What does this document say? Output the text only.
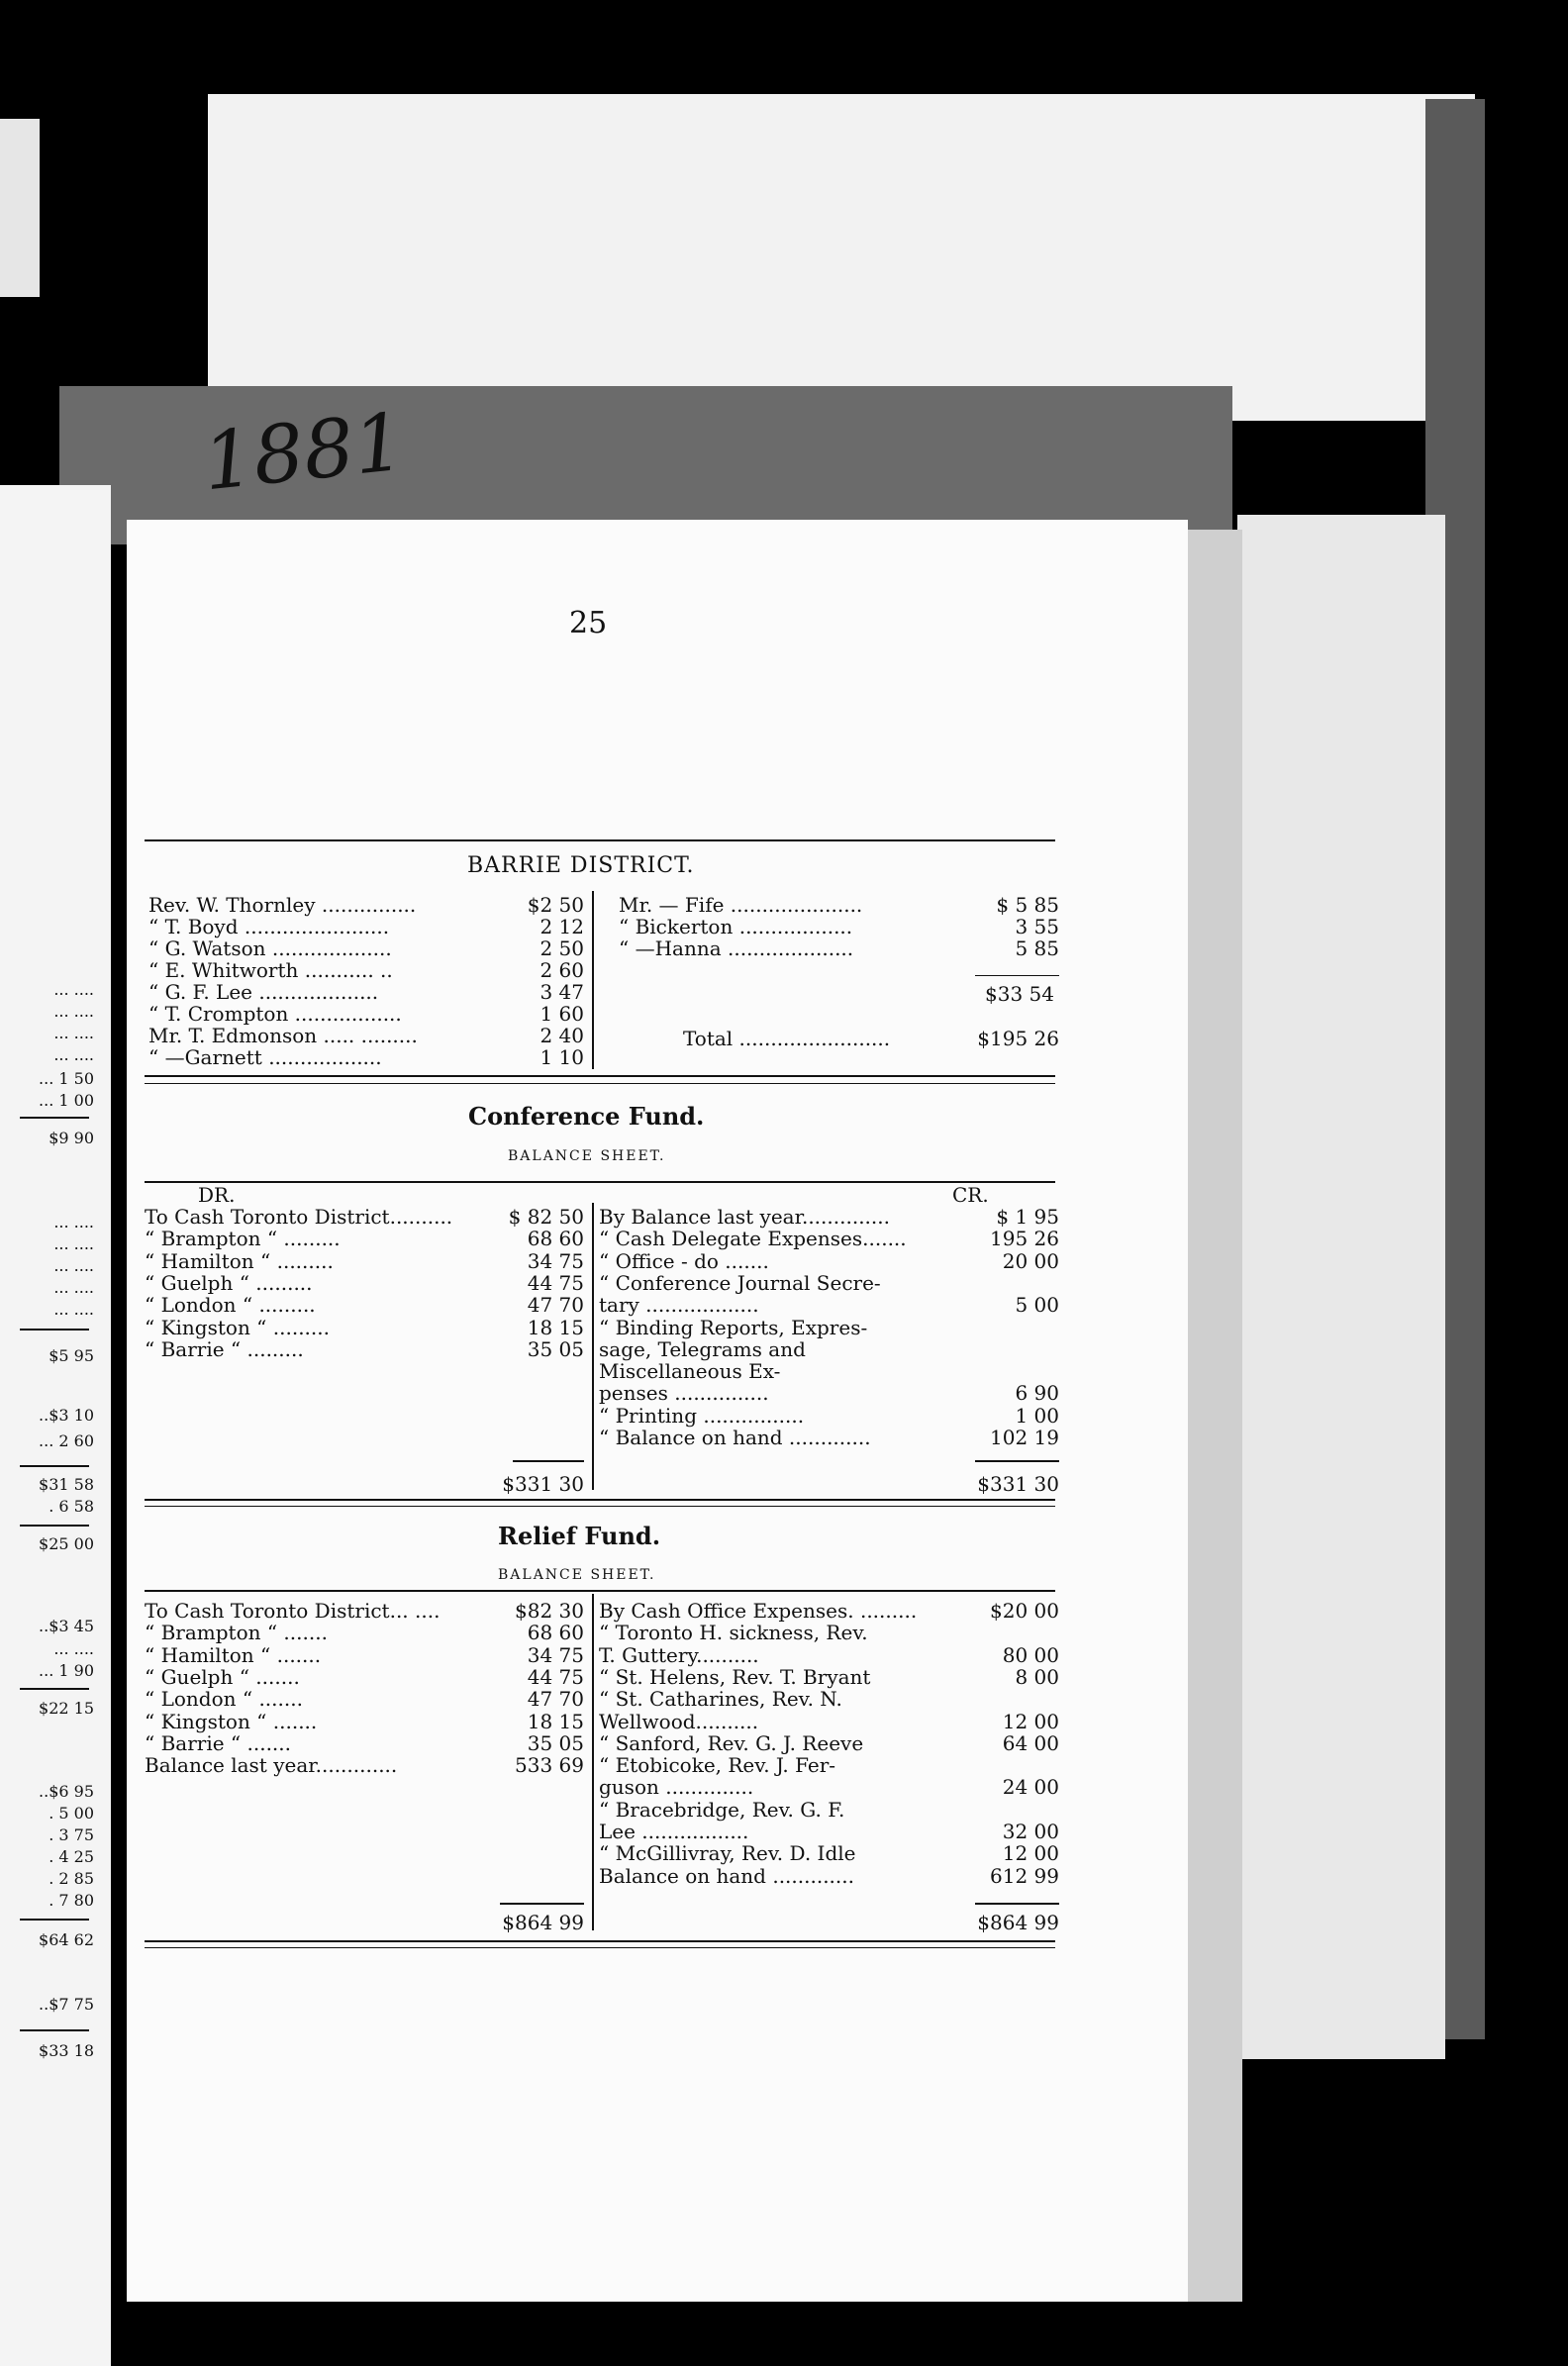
1881
25
BARRIE DISTRICT.
Rev. W. Thornley ...............	$2 50
“ T. Boyd .......................	2 12
“ G. Watson ...................	2 50
“ E. Whitworth ........... ..	2 60
“ G. F. Lee ...................	3 47
“ T. Crompton .................	1 60
Mr. T. Edmonson ..... .........	2 40
“ —Garnett ..................	1 10
Mr. — Fife .....................	$ 5 85
“ Bickerton ..................	3 55
“ —Hanna ....................	5 85
$33 54
Total ........................	$195 26
Conference Fund.
BALANCE SHEET.
DR.	CR.
To Cash Toronto District..........	$ 82 50
“ Brampton “ .........	68 60
“ Hamilton “ .........	34 75
“ Guelph “ .........	44 75
“ London “ .........	47 70
“ Kingston “ .........	18 15
“ Barrie “ .........	35 05
By Balance last year..............	$ 1 95
“ Cash Delegate Expenses.......	195 26
“ Office - do .......	20 00
“ Conference Journal Secre-
tary ..................	5 00
“ Binding Reports, Expres-
sage, Telegrams and
Miscellaneous Ex-
penses ...............	6 90
“ Printing ................	1 00
“ Balance on hand .............	102 19
$331 30	$331 30
Relief Fund.
BALANCE SHEET.
To Cash Toronto District... ....	$82 30
“ Brampton “ .......	68 60
“ Hamilton “ .......	34 75
“ Guelph “ .......	44 75
“ London “ .......	47 70
“ Kingston “ .......	18 15
“ Barrie “ .......	35 05
Balance last year.............	533 69
By Cash Office Expenses. .........	$20 00
“ Toronto H. sickness, Rev.
T. Guttery..........	80 00
“ St. Helens, Rev. T. Bryant	8 00
“ St. Catharines, Rev. N.
Wellwood..........	12 00
“ Sanford, Rev. G. J. Reeve	64 00
“ Etobicoke, Rev. J. Fer-
guson ..............	24 00
“ Bracebridge, Rev. G. F.
Lee .................	32 00
“ McGillivray, Rev. D. Idle	12 00
Balance on hand .............	612 99
$864 99	$864 99
... ....
... ....
... ....
... ....
... 1 50
... 1 00
$9 90
... ....
... ....
... ....
... ....
... ....
$5 95
..$3 10
... 2 60
$31 58
. 6 58
$25 00
..$3 45
... ....
... 1 90
$22 15
..$6 95
. 5 00
. 3 75
. 4 25
. 2 85
. 7 80
$64 62
..$7 75
$33 18
